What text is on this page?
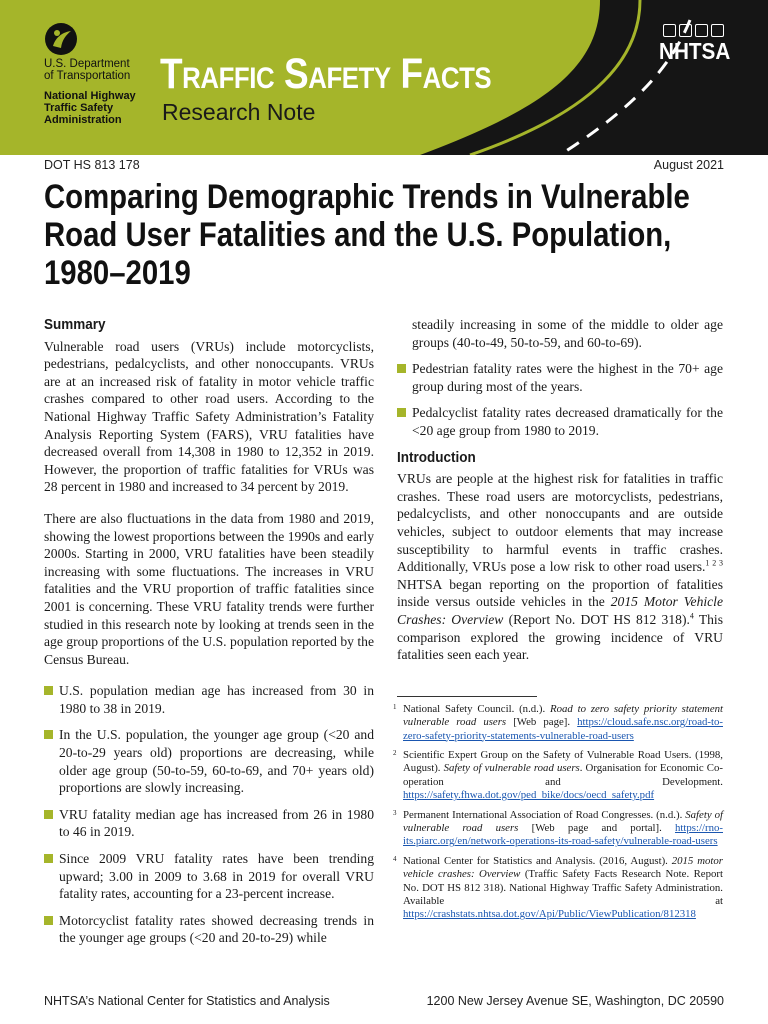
U.S. Department
of Transportation
National Highway
Traffic Safety
Administration
Traffic Safety Facts
Research Note
NHTSA
DOT HS 813 178	August 2021
Comparing Demographic Trends in Vulnerable Road User Fatalities and the U.S. Population, 1980–2019
Summary

Vulnerable road users (VRUs) include motorcyclists, pedestrians, pedalcyclists, and other nonoccupants. VRUs are at an increased risk of fatality in motor vehicle traffic crashes compared to other road users. According to the National Highway Traffic Safety Administration’s Fatality Analysis Reporting System (FARS), VRU fatalities have decreased overall from 14,308 in 1980 to 12,352 in 2019. However, the proportion of traffic fatalities for VRUs was 28 percent in 1980 and increased to 34 percent by 2019.

There are also fluctuations in the data from 1980 and 2019, showing the lowest proportions between the 1990s and early 2000s. Starting in 2000, VRU fatalities have been steadily increasing with some fluctuations. The increases in VRU fatalities and the VRU proportion of traffic fatalities since 2001 is concerning. These VRU fatality trends were further studied in this research note by looking at trends seen in the age group proportions of the U.S. population reported by the Census Bureau.

U.S. population median age has increased from 30 in 1980 to 38 in 2019.
In the U.S. population, the younger age group (<20 and 20-to-29 years old) proportions are decreasing, while older age group (50-to-59, 60-to-69, and 70+ years old) proportions are slowly increasing.
VRU fatality median age has increased from 26 in 1980 to 46 in 2019.
Since 2009 VRU fatality rates have been trending upward; 3.00 in 2009 to 3.68 in 2019 for overall VRU fatality rates, accounting for a 23-percent increase.
Motorcyclist fatality rates showed decreasing trends in the younger age groups (<20 and 20-to-29) while
steadily increasing in some of the middle to older age groups (40-to-49, 50-to-59, and 60-to-69).
Pedestrian fatality rates were the highest in the 70+ age group during most of the years.
Pedalcyclist fatality rates decreased dramatically for the <20 age group from 1980 to 2019.
Introduction

VRUs are people at the highest risk for fatalities in traffic crashes. These road users are motorcyclists, pedestrians, pedalcyclists, and other nonoccupants and are outside vehicles, subject to outdoor elements that may increase susceptibility to harmful events in traffic crashes. Additionally, VRUs pose a low risk to other road users.$^{1 2 3}$ NHTSA began reporting on the proportion of fatalities inside versus outside vehicles in the 2015 Motor Vehicle Crashes: Overview (Report No. DOT HS 812 318).$^4$ This comparison explored the growing incidence of VRU fatalities seen each year.

1 National Safety Council. (n.d.). Road to zero safety priority statement vulnerable road users [Web page]. https://cloud.safe.nsc.org/road-to-zero-safety-priority-statements-vulnerable-road-users
2 Scientific Expert Group on the Safety of Vulnerable Road Users. (1998, August). Safety of vulnerable road users. Organisation for Economic Co-operation and Development. https://safety.fhwa.dot.gov/ped_bike/docs/oecd_safety.pdf
3 Permanent International Association of Road Congresses. (n.d.). Safety of vulnerable road users [Web page and portal]. https://rno-its.piarc.org/en/network-operations-its-road-safety/vulnerable-road-users
4 National Center for Statistics and Analysis. (2016, August). 2015 motor vehicle crashes: Overview (Traffic Safety Facts Research Note. Report No. DOT HS 812 318). National Highway Traffic Safety Administration. Available at https://crashstats.nhtsa.dot.gov/Api/Public/ViewPublication/812318
NHTSA’s National Center for Statistics and Analysis	1200 New Jersey Avenue SE, Washington, DC 20590
